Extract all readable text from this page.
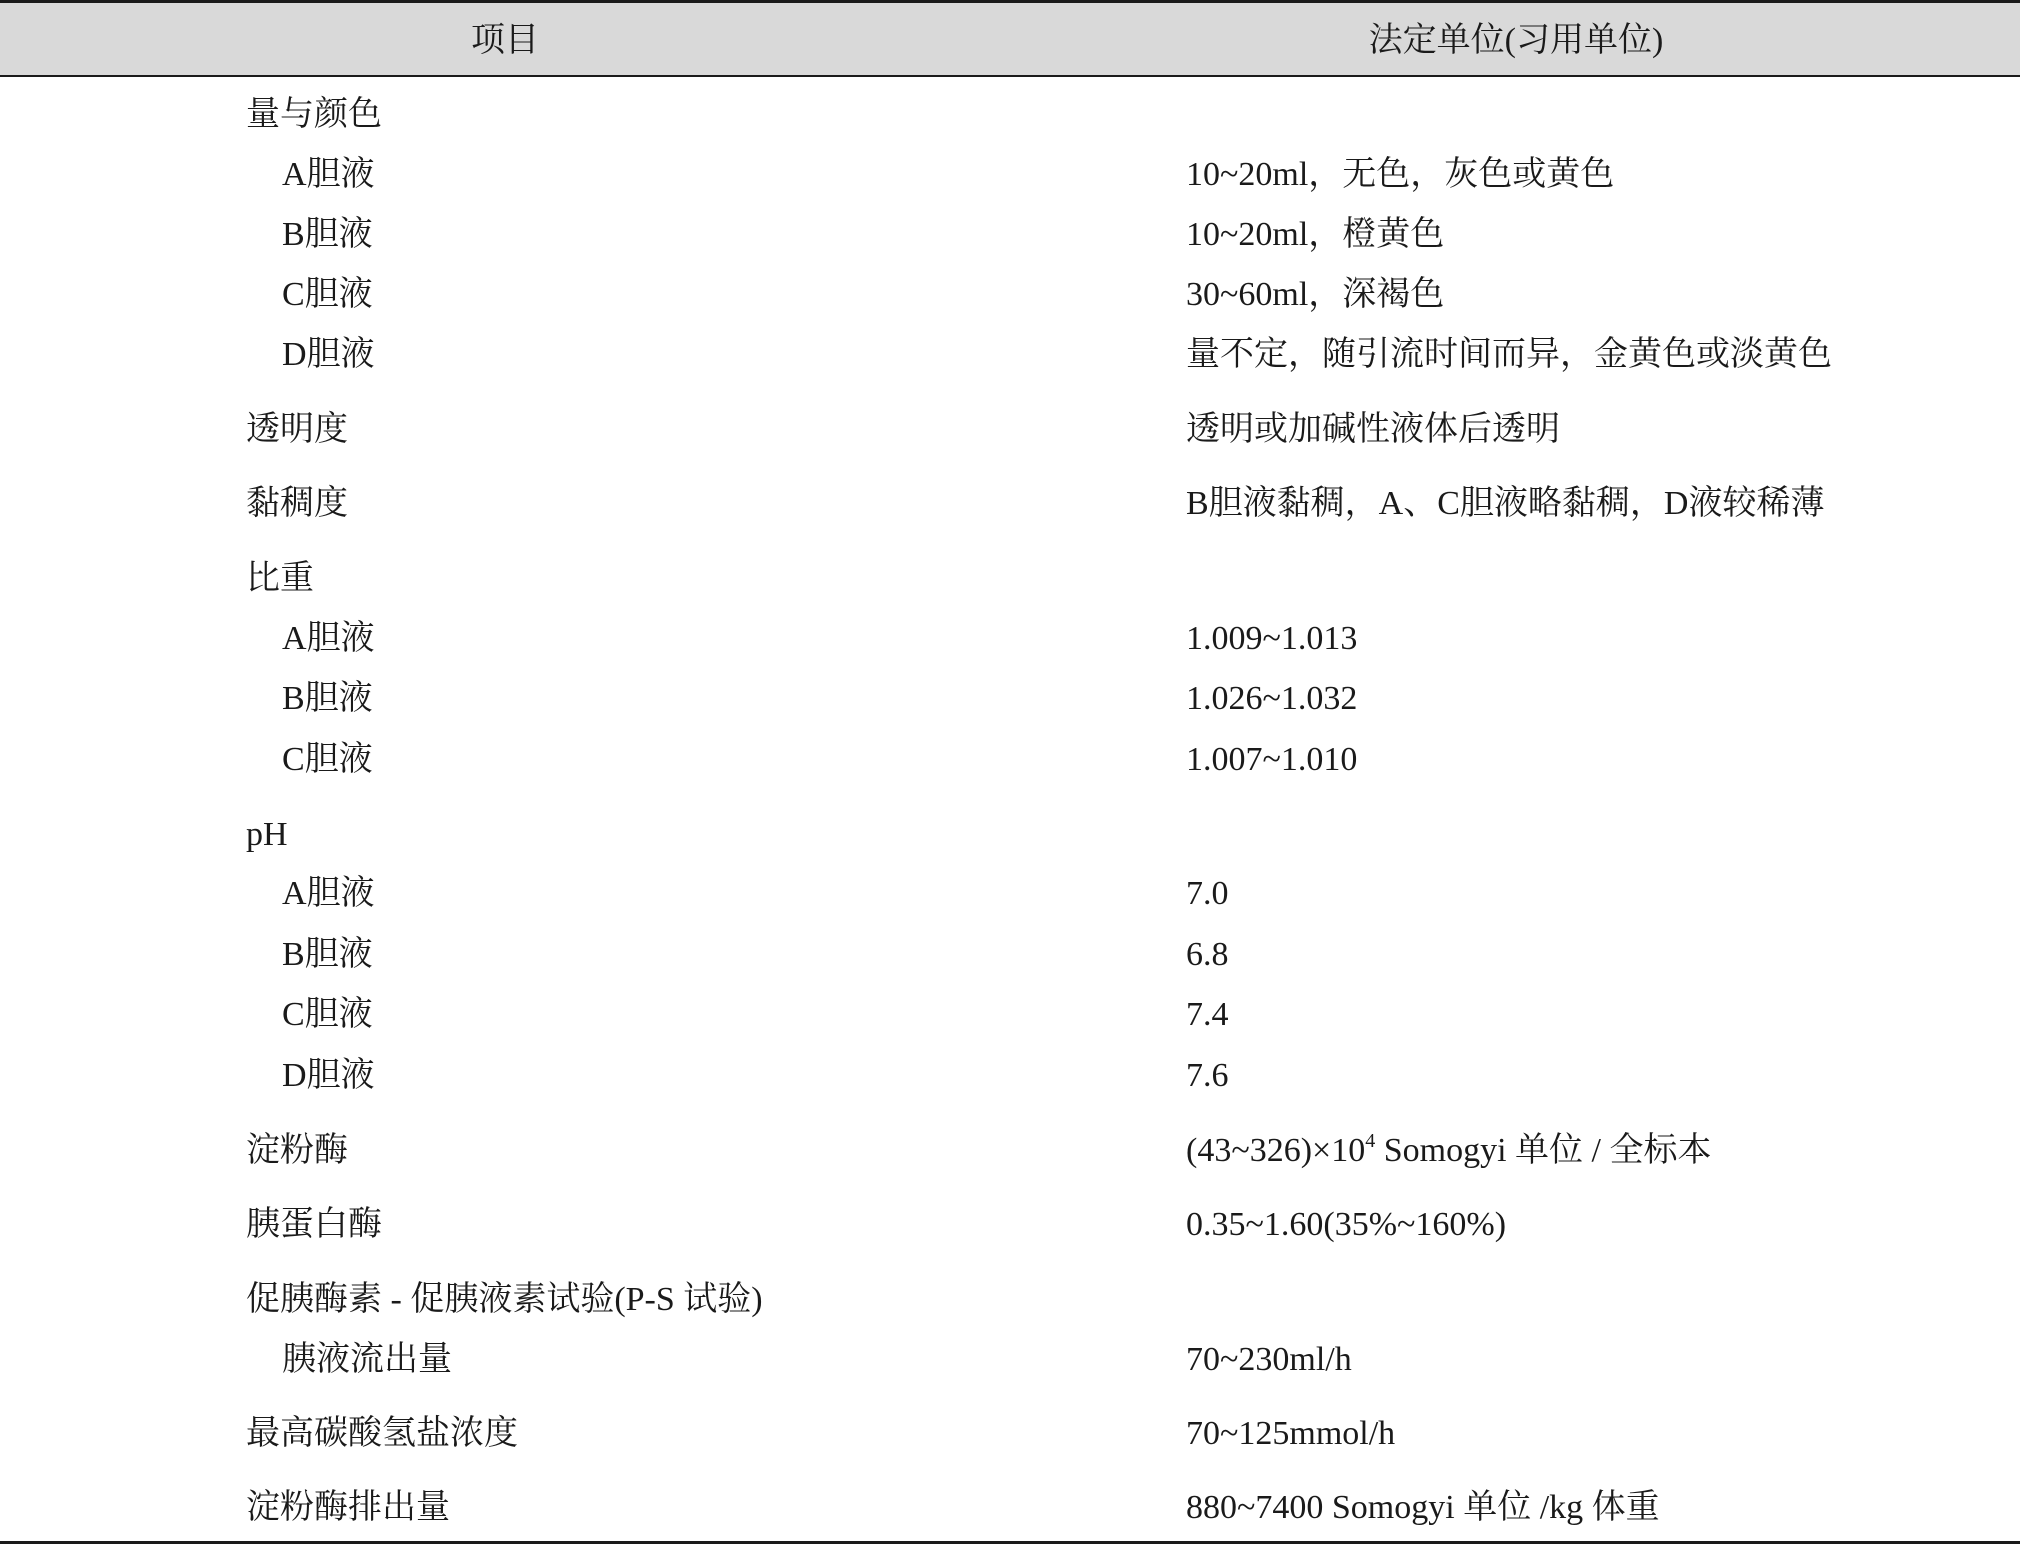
项目	法定单位(习用单位)
量与颜色
A胆液	10~20ml，无色，灰色或黄色
B胆液	10~20ml，橙黄色
C胆液	30~60ml，深褐色
D胆液	量不定，随引流时间而异，金黄色或淡黄色
透明度	透明或加碱性液体后透明
黏稠度	B胆液黏稠，A、C胆液略黏稠，D液较稀薄
比重
A胆液	1.009~1.013
B胆液	1.026~1.032
C胆液	1.007~1.010
pH
A胆液	7.0
B胆液	6.8
C胆液	7.4
D胆液	7.6
淀粉酶	$(43\sim 326)\times 10^4$ Somogyi 单位 / 全标本
胰蛋白酶	0.35~1.60(35%~160%)
促胰酶素 - 促胰液素试验(P-S 试验)
胰液流出量	70~230ml/h
最高碳酸氢盐浓度	70~125mmol/h
淀粉酶排出量	880~7400 Somogyi 单位 /kg 体重
